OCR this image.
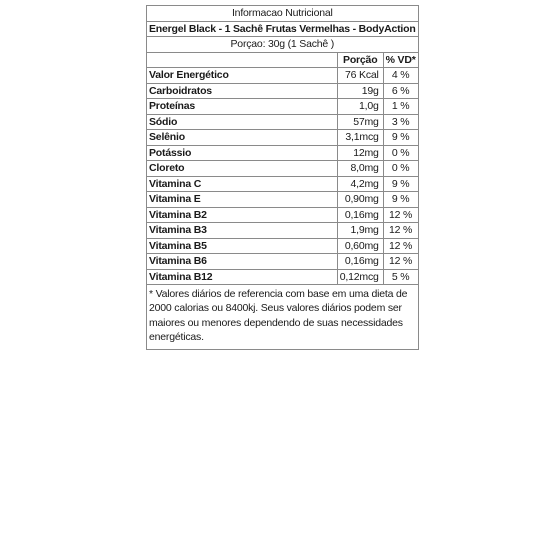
Informacao Nutricional		
Energel Black - 1 Sachê Frutas Vermelhas - BodyAction		
Porçao: 30g (1 Sachê )		
	Porção	% VD*
Valor Energético	76 Kcal	4 %
Carboidratos	19g	6 %
Proteínas	1,0g	1 %
Sódio	57mg	3 %
Selênio	3,1mcg	9 %
Potássio	12mg	0 %
Cloreto	8,0mg	0 %
Vitamina C	4,2mg	9 %
Vitamina E	0,90mg	9 %
Vitamina B2	0,16mg	12 %
Vitamina B3	1,9mg	12 %
Vitamina B5	0,60mg	12 %
Vitamina B6	0,16mg	12 %
Vitamina B12	0,12mcg	5 %
* Valores diários de referencia com base em uma dieta de 2000 calorias ou 8400kj. Seus valores diários podem ser maiores ou menores dependendo de suas necessidades energéticas.		
